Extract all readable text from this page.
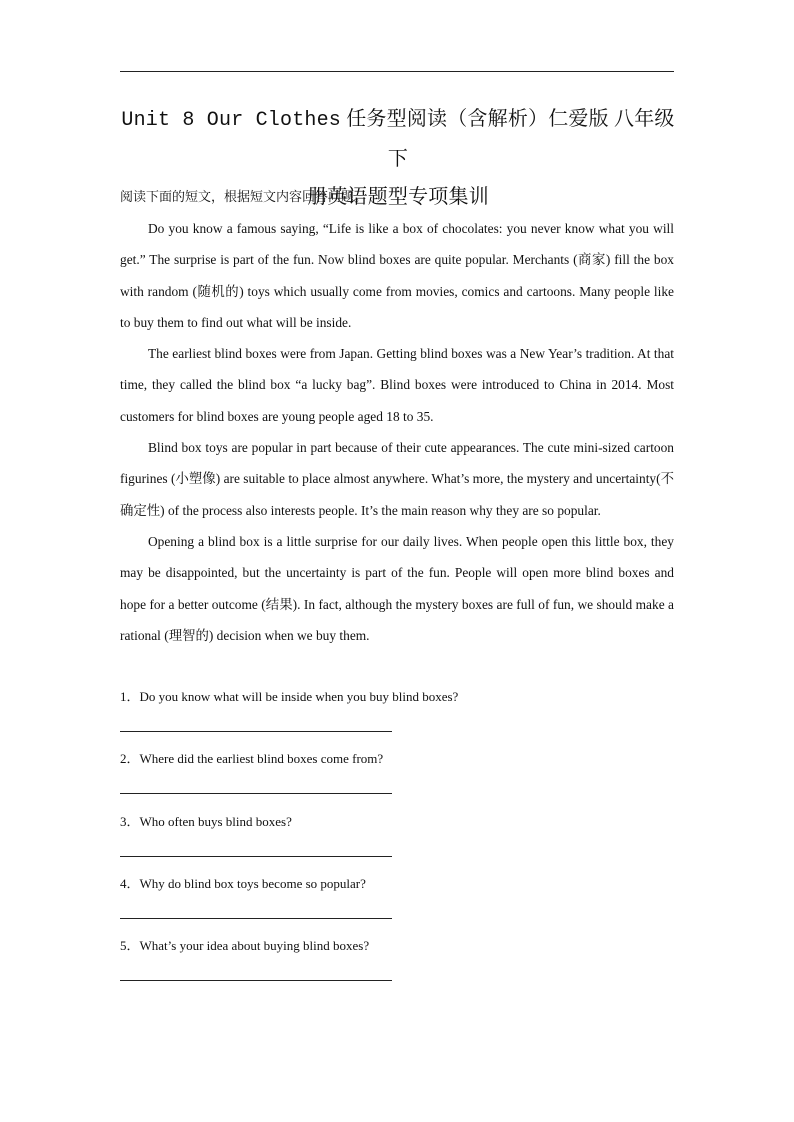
Unit 8 Our Clothes 任务型阅读（含解析）仁爱版 八年级下
册英语题型专项集训
阅读下面的短文，根据短文内容回答问题。

Do you know a famous saying, “Life is like a box of chocolates: you never know what you will get.” The surprise is part of the fun. Now blind boxes are quite popular. Merchants (商家) fill the box with random (随机的) toys which usually come from movies, comics and cartoons. Many people like to buy them to find out what will be inside.

The earliest blind boxes were from Japan. Getting blind boxes was a New Year’s tradition. At that time, they called the blind box “a lucky bag”. Blind boxes were introduced to China in 2014. Most customers for blind boxes are young people aged 18 to 35.

Blind box toys are popular in part because of their cute appearances. The cute mini-sized cartoon figurines (小塑像) are suitable to place almost anywhere. What’s more, the mystery and uncertainty(不确定性) of the process also interests people. It’s the main reason why they are so popular.

Opening a blind box is a little surprise for our daily lives. When people open this little box, they may be disappointed, but the uncertainty is part of the fun. People will open more blind boxes and hope for a better outcome (结果). In fact, although the mystery boxes are full of fun, we should make a rational (理智的) decision when we buy them.

1．Do you know what will be inside when you buy blind boxes?
2．Where did the earliest blind boxes come from?
3．Who often buys blind boxes?
4．Why do blind box toys become so popular?
5．What’s your idea about buying blind boxes?
